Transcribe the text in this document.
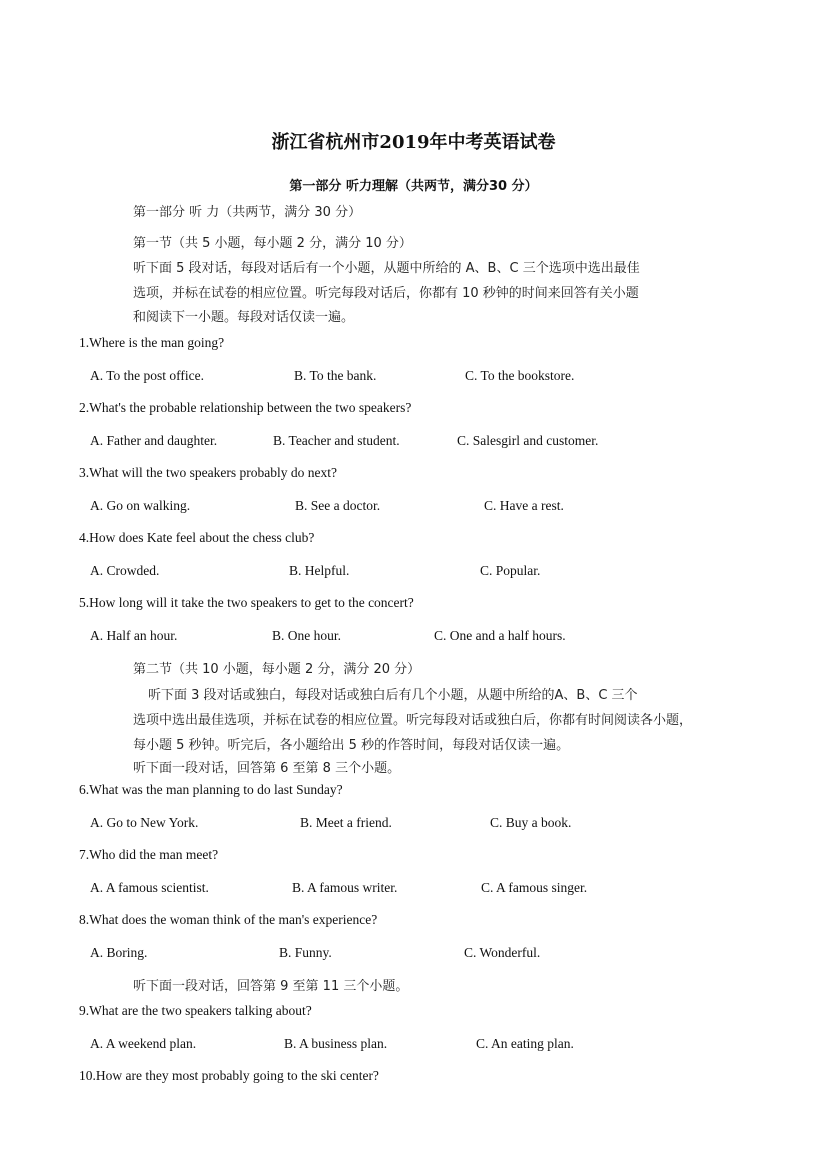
浙江省杭州市2019年中考英语试卷
第一部分 听力理解（共两节，满分30 分）
第一部分 听 力（共两节，满分 30 分）
第一节（共 5 小题，每小题 2 分，满分 10 分）
听下面 5 段对话，每段对话后有一个小题，从题中所给的 A、B、C 三个选项中选出最佳
选项，并标在试卷的相应位置。听完每段对话后，你都有 10 秒钟的时间来回答有关小题
和阅读下一小题。每段对话仅读一遍。
1.Where is the man going?
A. To the post office.	B. To the bank.	C. To the bookstore.
2.What's the probable relationship between the two speakers?
A. Father and daughter.	B. Teacher and student.	C. Salesgirl and customer.
3.What will the two speakers probably do next?
A. Go on walking.	B. See a doctor.	C. Have a rest.
4.How does Kate feel about the chess club?
A. Crowded.	B. Helpful.	C. Popular.
5.How long will it take the two speakers to get to the concert?
A. Half an hour.	B. One hour.	C. One and a half hours.
第二节（共 10 小题，每小题 2 分，满分 20 分）
听下面 3 段对话或独白，每段对话或独白后有几个小题，从题中所给的A、B、C 三个
选项中选出最佳选项，并标在试卷的相应位置。听完每段对话或独白后，你都有时间阅读各小题，
每小题 5 秒钟。听完后，各小题给出 5 秒的作答时间，每段对话仅读一遍。
听下面一段对话，回答第 6 至第 8 三个小题。
6.What was the man planning to do last Sunday?
A. Go to New York.	B. Meet a friend.	C. Buy a book.
7.Who did the man meet?
A. A famous scientist.	B. A famous writer.	C. A famous singer.
8.What does the woman think of the man's experience?
A. Boring.	B. Funny.	C. Wonderful.
听下面一段对话，回答第 9 至第 11 三个小题。
9.What are the two speakers talking about?
A. A weekend plan.	B. A business plan.	C. An eating plan.
10.How are they most probably going to the ski center?
